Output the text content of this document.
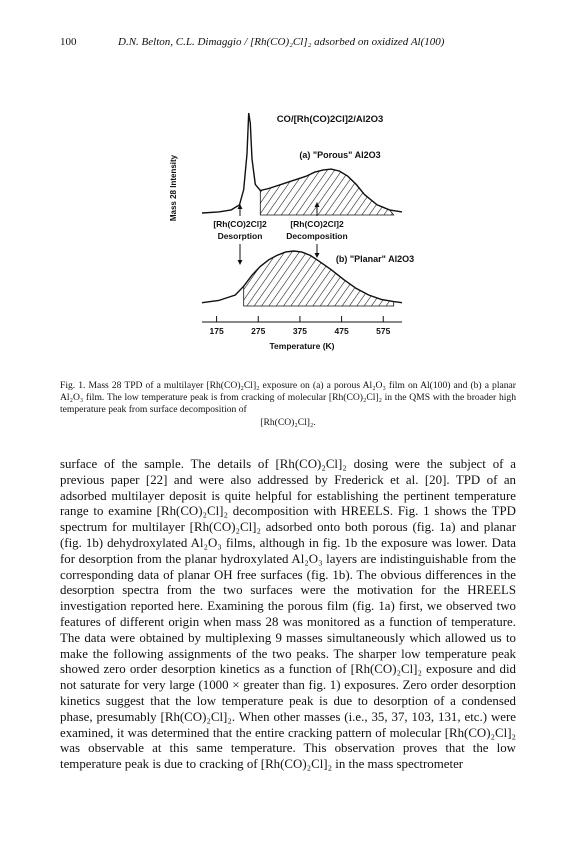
100	D.N. Belton, C.L. Dimaggio / [Rh(CO)₂Cl]₂ adsorbed on oxidized Al(100)
CO/[Rh(CO)2Cl]2/Al2O3
(a) "Porous" Al2O3
(b) "Planar" Al2O3
Mass 28 Intensity
[Rh(CO)2Cl]2
Desorption
[Rh(CO)2Cl]2
Decomposition
175	275	375	475	575
Temperature (K)
Fig. 1. Mass 28 TPD of a multilayer [Rh(CO)₂Cl]₂ exposure on (a) a porous Al₂O₃ film on Al(100) and (b) a planar Al₂O₃ film. The low temperature peak is from cracking of molecular [Rh(CO)₂Cl]₂ in the QMS with the broader high temperature peak from surface decomposition of
[Rh(CO)₂Cl]₂.

surface of the sample. The details of [Rh(CO)₂Cl]₂ dosing were the subject of a previous paper [22] and were also addressed by Frederick et al. [20]. TPD of an adsorbed multilayer deposit is quite helpful for establishing the pertinent temperature range to examine [Rh(CO)₂Cl]₂ decomposition with HREELS. Fig. 1 shows the TPD spectrum for multilayer [Rh(CO)₂Cl]₂ adsorbed onto both porous (fig. 1a) and planar (fig. 1b) dehydroxylated Al₂O₃ films, although in fig. 1b the exposure was lower. Data for desorption from the planar hydroxylated Al₂O₃ layers are indistinguishable from the corresponding data of planar OH free surfaces (fig. 1b). The obvious differences in the desorption spectra from the two surfaces were the motivation for the HREELS investigation reported here. Examining the porous film (fig. 1a) first, we observed two features of different origin when mass 28 was monitored as a function of temperature. The data were obtained by multiplexing 9 masses simultaneously which allowed us to make the following assignments of the two peaks. The sharper low temperature peak showed zero order desorption kinetics as a function of [Rh(CO)₂Cl]₂ exposure and did not saturate for very large (1000 × greater than fig. 1) exposures. Zero order desorption kinetics suggest that the low temperature peak is due to desorption of a condensed phase, presumably [Rh(CO)₂Cl]₂. When other masses (i.e., 35, 37, 103, 131, etc.) were examined, it was determined that the entire cracking pattern of molecular [Rh(CO)₂Cl]₂ was observable at this same temperature. This observation proves that the low temperature peak is due to cracking of [Rh(CO)₂Cl]₂ in the mass spectrometer
